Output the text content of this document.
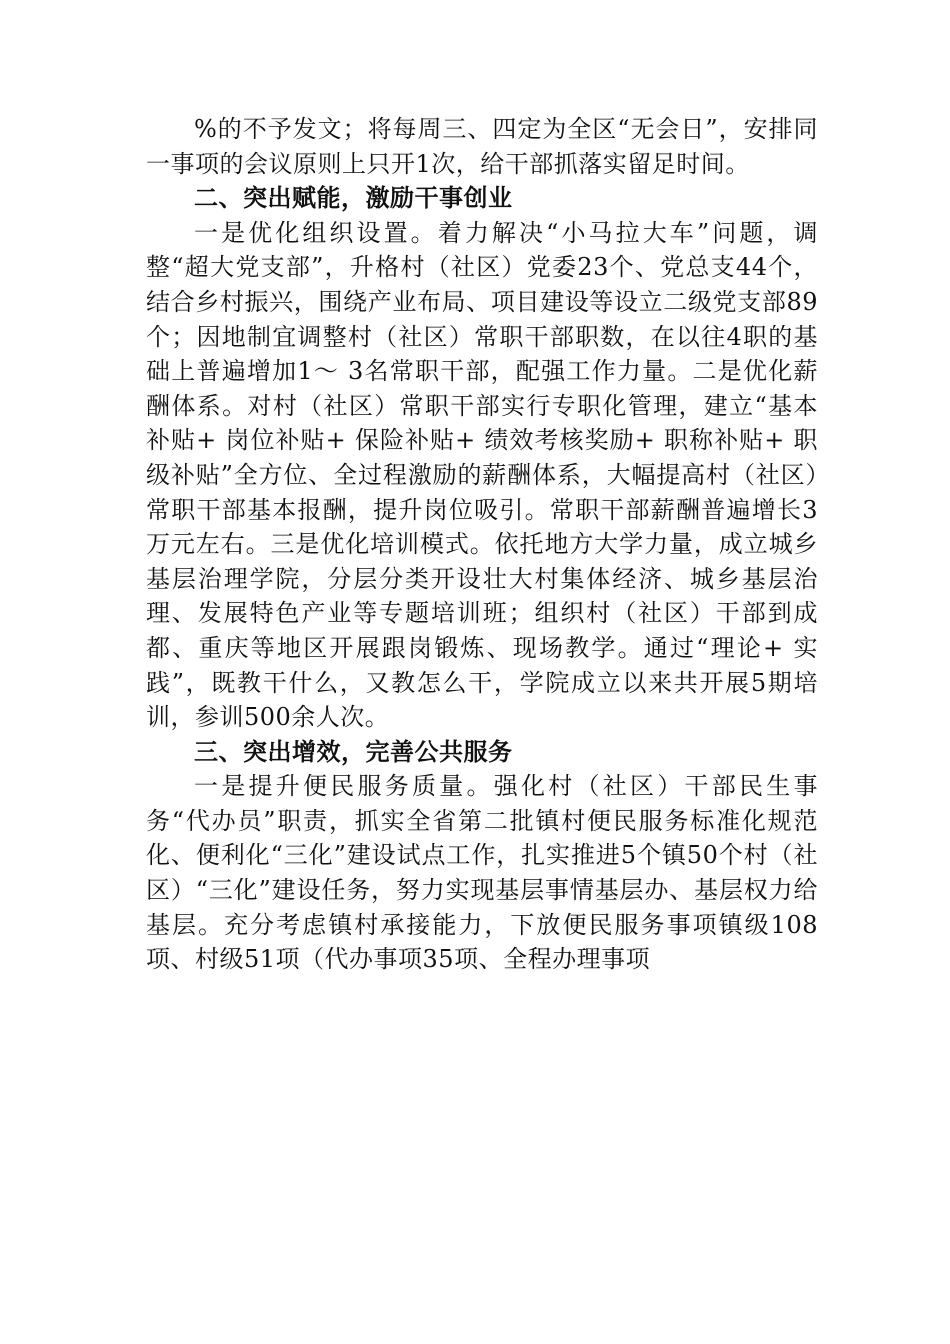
%的不予发文；将每周三、四定为全区“无会日”，安排同一事项的会议原则上只开1次，给干部抓落实留足时间。

二、突出赋能，激励干事创业

一是优化组织设置。着力解决“小马拉大车”问题，调整“超大党支部”，升格村（社区）党委23个、党总支44个，结合乡村振兴，围绕产业布局、项目建设等设立二级党支部89个；因地制宜调整村（社区）常职干部职数，在以往4职的基础上普遍增加1～ 3名常职干部，配强工作力量。二是优化薪酬体系。对村（社区）常职干部实行专职化管理，建立“基本补贴+ 岗位补贴+ 保险补贴+ 绩效考核奖励+ 职称补贴+ 职级补贴”全方位、全过程激励的薪酬体系，大幅提高村（社区）常职干部基本报酬，提升岗位吸引。常职干部薪酬普遍增长3万元左右。三是优化培训模式。依托地方大学力量，成立城乡基层治理学院，分层分类开设壮大村集体经济、城乡基层治理、发展特色产业等专题培训班；组织村（社区）干部到成都、重庆等地区开展跟岗锻炼、现场教学。通过“理论+ 实践”，既教干什么，又教怎么干，学院成立以来共开展5期培训，参训500余人次。

三、突出增效，完善公共服务

一是提升便民服务质量。强化村（社区）干部民生事务“代办员”职责，抓实全省第二批镇村便民服务标准化规范化、便利化“三化”建设试点工作，扎实推进5个镇50个村（社区）“三化”建设任务，努力实现基层事情基层办、基层权力给基层。充分考虑镇村承接能力，下放便民服务事项镇级108项、村级51项（代办事项35项、全程办理事项
